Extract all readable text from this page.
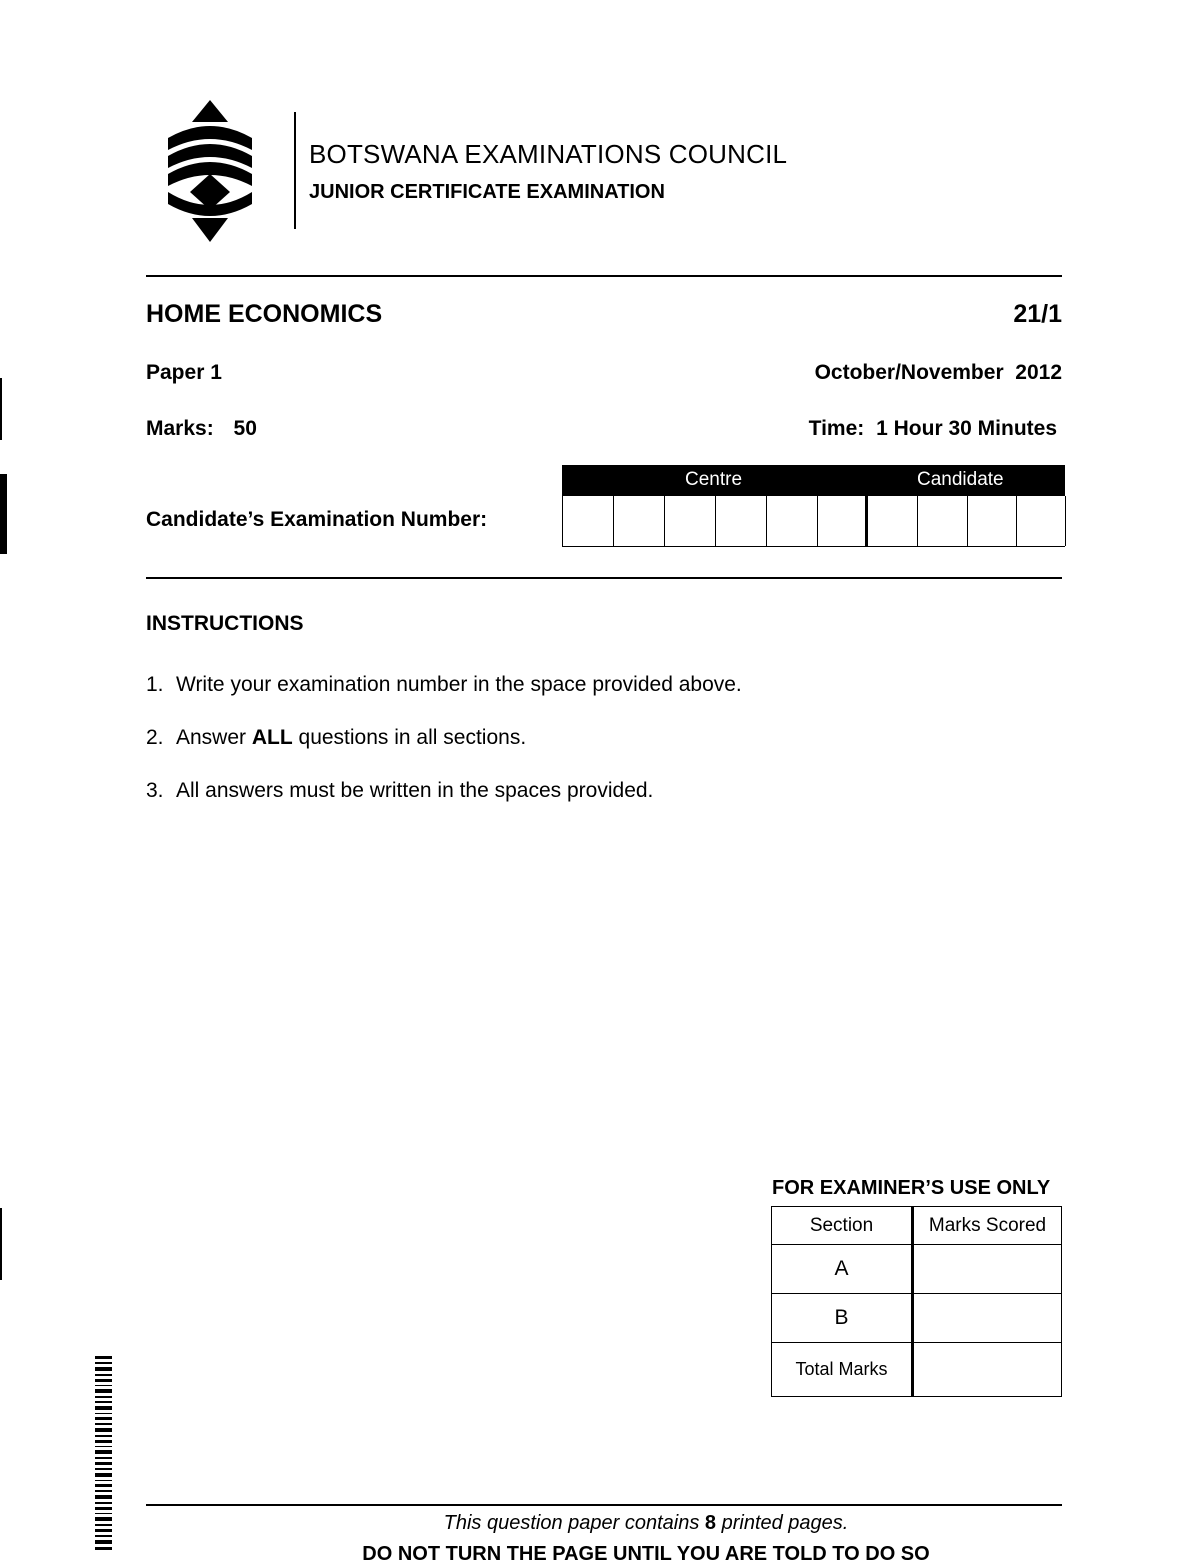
BOTSWANA EXAMINATIONS COUNCIL
JUNIOR CERTIFICATE EXAMINATION
HOME ECONOMICS	21/1
Paper 1	October/November  2012
Marks: 50	Time: 1 Hour 30 Minutes
Candidate’s Examination Number:
Centre	Candidate
INSTRUCTIONS
1. Write your examination number in the space provided above.
2. Answer ALL questions in all sections.
3. All answers must be written in the spaces provided.
FOR EXAMINER’S USE ONLY
Section	Marks Scored
A	
B	
Total Marks	
This question paper contains 8 printed pages.
DO NOT TURN THE PAGE UNTIL YOU ARE TOLD TO DO SO
